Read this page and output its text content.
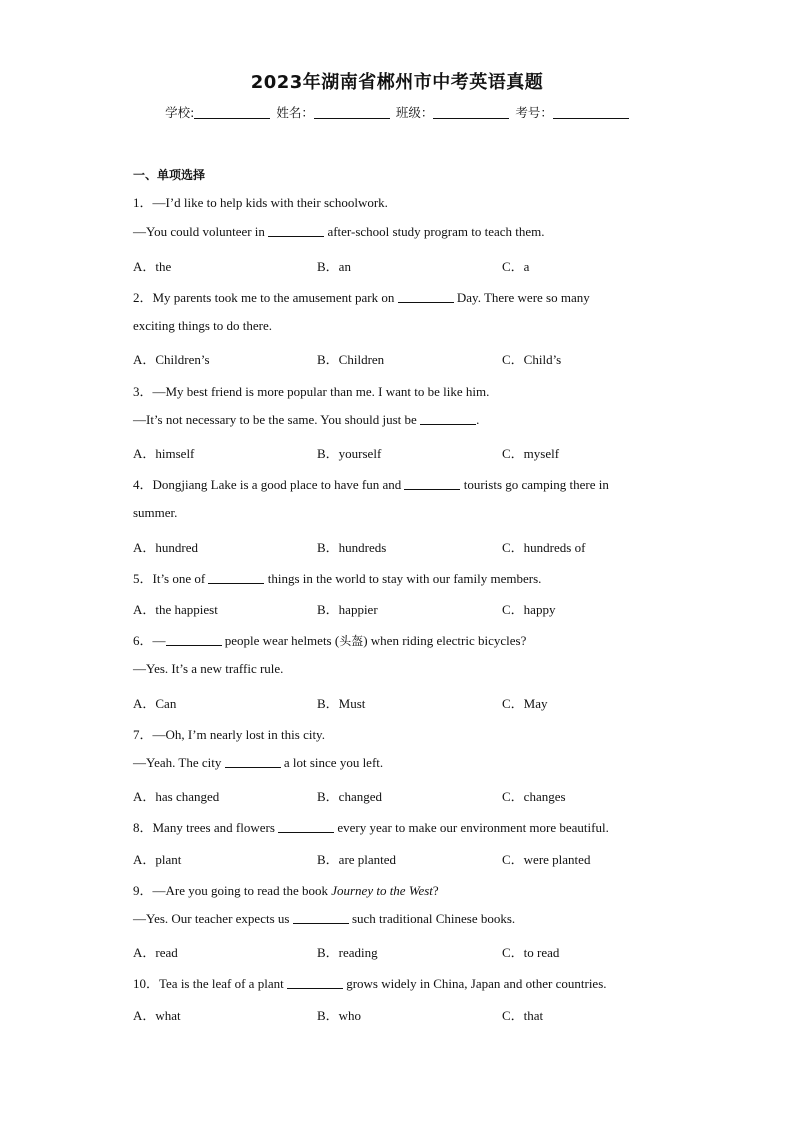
2023年湖南省郴州市中考英语真题
学校:	姓名：	班级：	考号：
一、单项选择
1．—I’d like to help kids with their schoolwork.
—You could volunteer in	after-school study program to teach them.
A．the	B．an	C．a
2．My parents took me to the amusement park on	Day. There were so many
exciting things to do there.
A．Children’s	B．Children	C．Child’s
3．—My best friend is more popular than me. I want to be like him.
—It’s not necessary to be the same. You should just be	.
A．himself	B．yourself	C．myself
4．Dongjiang Lake is a good place to have fun and	tourists go camping there in
summer.
A．hundred	B．hundreds	C．hundreds of
5．It’s one of	things in the world to stay with our family members.
A．the happiest	B．happier	C．happy
6．—	people wear helmets (头盔) when riding electric bicycles?
—Yes. It’s a new traffic rule.
A．Can	B．Must	C．May
7．—Oh, I’m nearly lost in this city.
—Yeah. The city	a lot since you left.
A．has changed	B．changed	C．changes
8．Many trees and flowers	every year to make our environment more beautiful.
A．plant	B．are planted	C．were planted
9．—Are you going to read the book Journey to the West?
—Yes. Our teacher expects us	such traditional Chinese books.
A．read	B．reading	C．to read
10．Tea is the leaf of a plant	grows widely in China, Japan and other countries.
A．what	B．who	C．that
